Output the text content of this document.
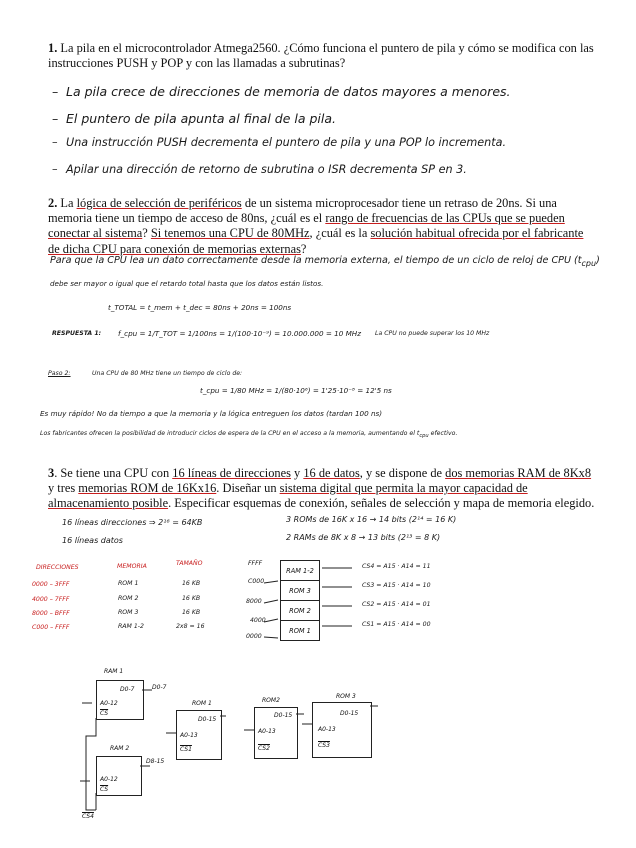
1. La pila en el microcontrolador Atmega2560. ¿Cómo funciona el puntero de pila y cómo se modifica con las instrucciones PUSH y POP y con las llamadas a subrutinas?
– La pila crece de direcciones de memoria de datos mayores a menores.
– El puntero de pila apunta al final de la pila.
– Una instrucción PUSH decrementa el puntero de pila y una POP lo incrementa.
– Apilar una dirección de retorno de subrutina o ISR decrementa SP en 3.
2. La lógica de selección de periféricos de un sistema microprocesador tiene un retraso de 20ns. Si una memoria tiene un tiempo de acceso de 80ns, ¿cuál es el rango de frecuencias de las CPUs que se pueden conectar al sistema? Si tenemos una CPU de 80MHz, ¿cuál es la solución habitual ofrecida por el fabricante de dicha CPU para conexión de memorias externas?
Para que la CPU lea un dato correctamente desde la memoria externa, el tiempo de un ciclo de reloj de CPU $(t_{cpu})$
debe ser mayor o igual que el retardo total hasta que los datos están listos.
t_TOTAL = t_mem + t_dec = 80ns + 20ns = 100ns
RESPUESTA 1: f_cpu = 1/T_TOT = 1/100ns = 1/(100·10⁻⁹) = 10.000.000 = 10 MHz La CPU no puede superar los 10 MHz
Paso 2:	Una CPU de 80 MHz tiene un tiempo de ciclo de:
t_cpu = 1/80 MHz = 1/(80·10⁶) = 1'25·10⁻⁸ = 12'5 ns
Es muy rápido! No da tiempo a que la memoria y la lógica entreguen los datos (tardan 100 ns)
Los fabricantes ofrecen la posibilidad de introducir ciclos de espera de la CPU en el acceso a la memoria, aumentando el $t_{cpu}$ efectivo.
3. Se tiene una CPU con 16 líneas de direcciones y 16 de datos, y se dispone de dos memorias RAM de 8Kx8 y tres memorias ROM de 16Kx16. Diseñar un sistema digital que permita la mayor capacidad de almacenamiento posible. Especificar esquemas de conexión, señales de selección y mapa de memoria elegido.
16 líneas direcciones ⇒ 2¹⁶ = 64KB
16 líneas datos
3 ROMs de 16K x 16 → 14 bits (2¹⁴ = 16 K)
2 RAMs de 8K x 8 → 13 bits (2¹³ = 8 K)
DIRECCIONES	MEMORIA	TAMAÑO
0000 – 3FFF	ROM 1	16 KB
4000 – 7FFF	ROM 2	16 KB
8000 – BFFF	ROM 3	16 KB
C000 – FFFF	RAM 1-2	2x8 = 16
FFFF
C000
8000
4000
0000
RAM 1-2
ROM 3
ROM 2
ROM 1
CS4 = A15 · A14 = 11
CS3 = A15 · A14 = 10
CS2 = A15 · A14 = 01
CS1 = A15 · A14 = 00
RAM 1
D0-7	D0-7
A0-12
$\overline{CS}$
RAM 2
D8-15
A0-12
$\overline{CS}$
CS4
ROM 1
D0-15
A0-13
CS1
ROM2
D0-15
A0-13
CS2
ROM 3
D0-15
A0-13
CS3
